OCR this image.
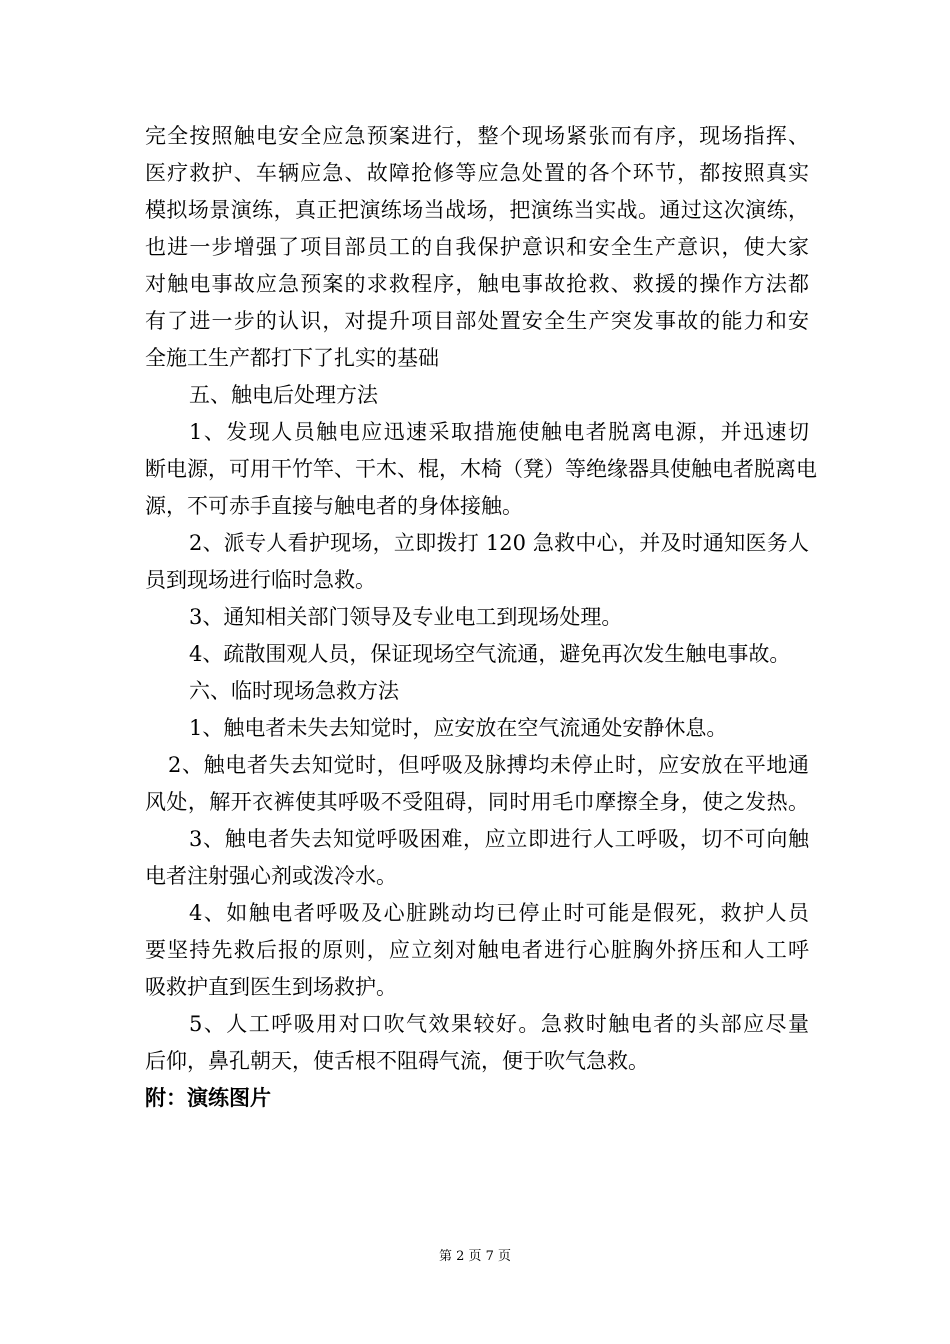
完全按照触电安全应急预案进行，整个现场紧张而有序，现场指挥、
医疗救护、车辆应急、故障抢修等应急处置的各个环节，都按照真实
模拟场景演练，真正把演练场当战场，把演练当实战。通过这次演练，
也进一步增强了项目部员工的自我保护意识和安全生产意识，使大家
对触电事故应急预案的求救程序，触电事故抢救、救援的操作方法都
有了进一步的认识，对提升项目部处置安全生产突发事故的能力和安
全施工生产都打下了扎实的基础
五、触电后处理方法
1、发现人员触电应迅速采取措施使触电者脱离电源，并迅速切
断电源，可用干竹竿、干木、棍，木椅（凳）等绝缘器具使触电者脱离电
源，不可赤手直接与触电者的身体接触。
2、派专人看护现场，立即拨打 120 急救中心，并及时通知医务人
员到现场进行临时急救。
3、通知相关部门领导及专业电工到现场处理。
4、疏散围观人员，保证现场空气流通，避免再次发生触电事故。
六、临时现场急救方法
1、触电者未失去知觉时，应安放在空气流通处安静休息。
2、触电者失去知觉时，但呼吸及脉搏均未停止时，应安放在平地通
风处，解开衣裤使其呼吸不受阻碍，同时用毛巾摩擦全身，使之发热。
3、触电者失去知觉呼吸困难，应立即进行人工呼吸，切不可向触
电者注射强心剂或泼冷水。
4、如触电者呼吸及心脏跳动均已停止时可能是假死，救护人员
要坚持先救后报的原则，应立刻对触电者进行心脏胸外挤压和人工呼
吸救护直到医生到场救护。
5、人工呼吸用对口吹气效果较好。急救时触电者的头部应尽量
后仰，鼻孔朝天，使舌根不阻碍气流，便于吹气急救。
附：演练图片
第 2 页 7 页
